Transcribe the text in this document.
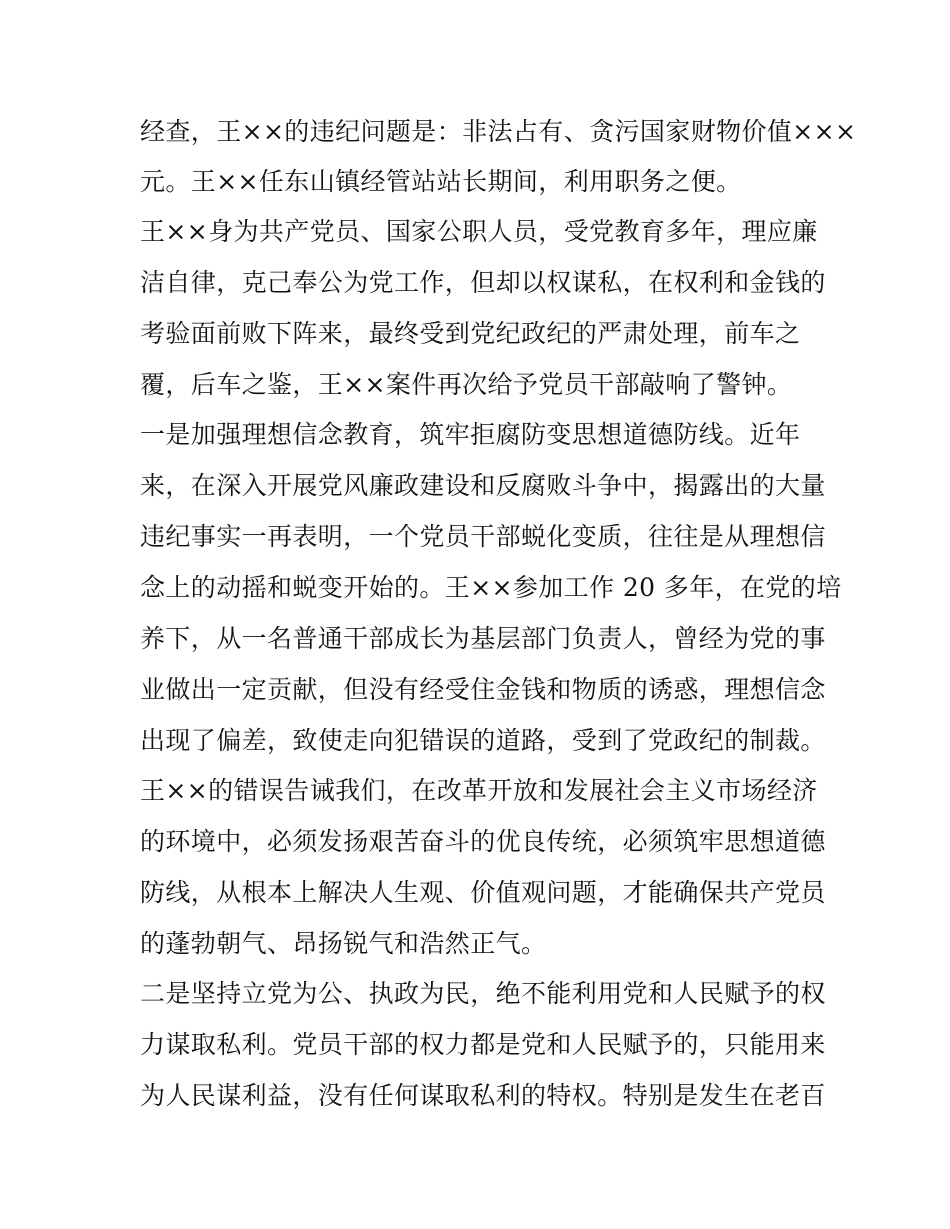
经查，王××的违纪问题是：非法占有、贪污国家财物价值×××
元。王××任东山镇经管站站长期间，利用职务之便。
王××身为共产党员、国家公职人员，受党教育多年，理应廉
洁自律，克己奉公为党工作，但却以权谋私，在权利和金钱的
考验面前败下阵来，最终受到党纪政纪的严肃处理，前车之
覆，后车之鉴，王××案件再次给予党员干部敲响了警钟。
一是加强理想信念教育，筑牢拒腐防变思想道德防线。近年
来，在深入开展党风廉政建设和反腐败斗争中，揭露出的大量
违纪事实一再表明，一个党员干部蜕化变质，往往是从理想信
念上的动摇和蜕变开始的。王××参加工作 20 多年，在党的培
养下，从一名普通干部成长为基层部门负责人，曾经为党的事
业做出一定贡献，但没有经受住金钱和物质的诱惑，理想信念
出现了偏差，致使走向犯错误的道路，受到了党政纪的制裁。
王××的错误告诫我们，在改革开放和发展社会主义市场经济
的环境中，必须发扬艰苦奋斗的优良传统，必须筑牢思想道德
防线，从根本上解决人生观、价值观问题，才能确保共产党员
的蓬勃朝气、昂扬锐气和浩然正气。
二是坚持立党为公、执政为民，绝不能利用党和人民赋予的权
力谋取私利。党员干部的权力都是党和人民赋予的，只能用来
为人民谋利益，没有任何谋取私利的特权。特别是发生在老百
